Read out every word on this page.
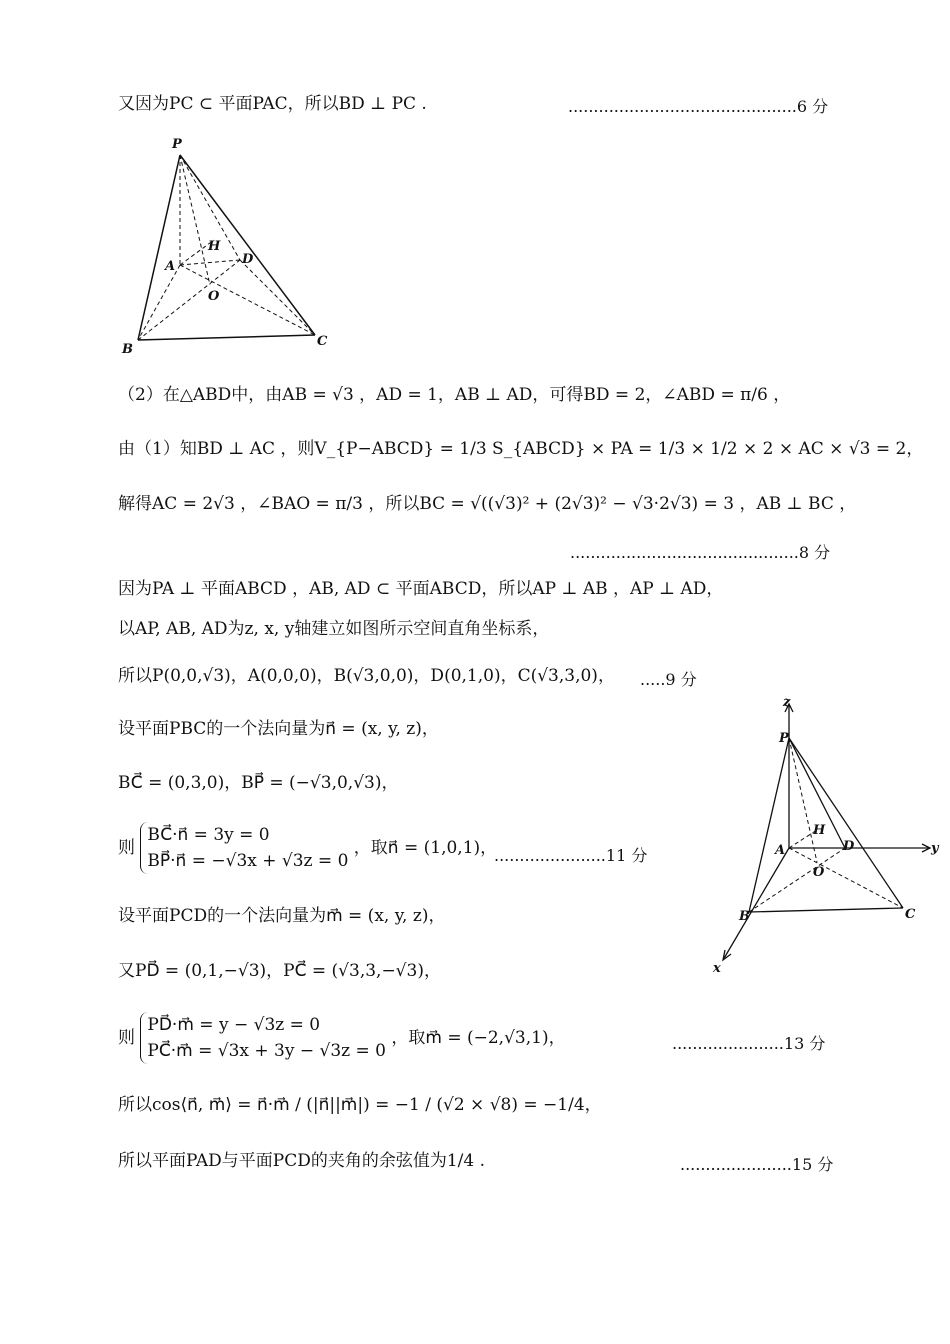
又因为PC ⊂ 平面PAC，所以BD ⊥ PC .	.............................................6 分
P
A
H
D
O
B
C
（2）在△ABD中，由AB = √3 ，AD = 1，AB ⊥ AD，可得BD = 2，∠ABD = π/6 ，
由（1）知BD ⊥ AC ，则V_{P−ABCD} = 1/3 S_{ABCD} × PA = 1/3 × 1/2 × 2 × AC × √3 = 2，
解得AC = 2√3 ，∠BAO = π/3 ，所以BC = √((√3)² + (2√3)² − √3·2√3) = 3 ，AB ⊥ BC ，
.............................................8 分
因为PA ⊥ 平面ABCD ，AB, AD ⊂ 平面ABCD，所以AP ⊥ AB ，AP ⊥ AD，
以AP, AB, AD为z, x, y轴建立如图所示空间直角坐标系，
所以P(0,0,√3)，A(0,0,0)，B(√3,0,0)，D(0,1,0)，C(√3,3,0)， .....9 分
设平面PBC的一个法向量为n⃗ = (x, y, z)，
BC⃗ = (0,3,0)，BP⃗ = (−√3,0,√3)，
则 BC⃗·n⃗ = 3y = 0
BP⃗·n⃗ = −√3x + √3z = 0 ，取n⃗ = (1,0,1)，
......................11 分
设平面PCD的一个法向量为m⃗ = (x, y, z)，
又PD⃗ = (0,1,−√3)，PC⃗ = (√3,3,−√3)，
则 PD⃗·m⃗ = y − √3z = 0
PC⃗·m⃗ = √3x + 3y − √3z = 0 ，取m⃗ = (−2,√3,1)，	......................13 分
所以cos⟨n⃗, m⃗⟩ = n⃗·m⃗ / (|n⃗||m⃗|) = −1 / (√2 × √8) = −1/4，
所以平面PAD与平面PCD的夹角的余弦值为1/4 .	......................15 分
z
P
H
A	D	y
O
B	C
x
